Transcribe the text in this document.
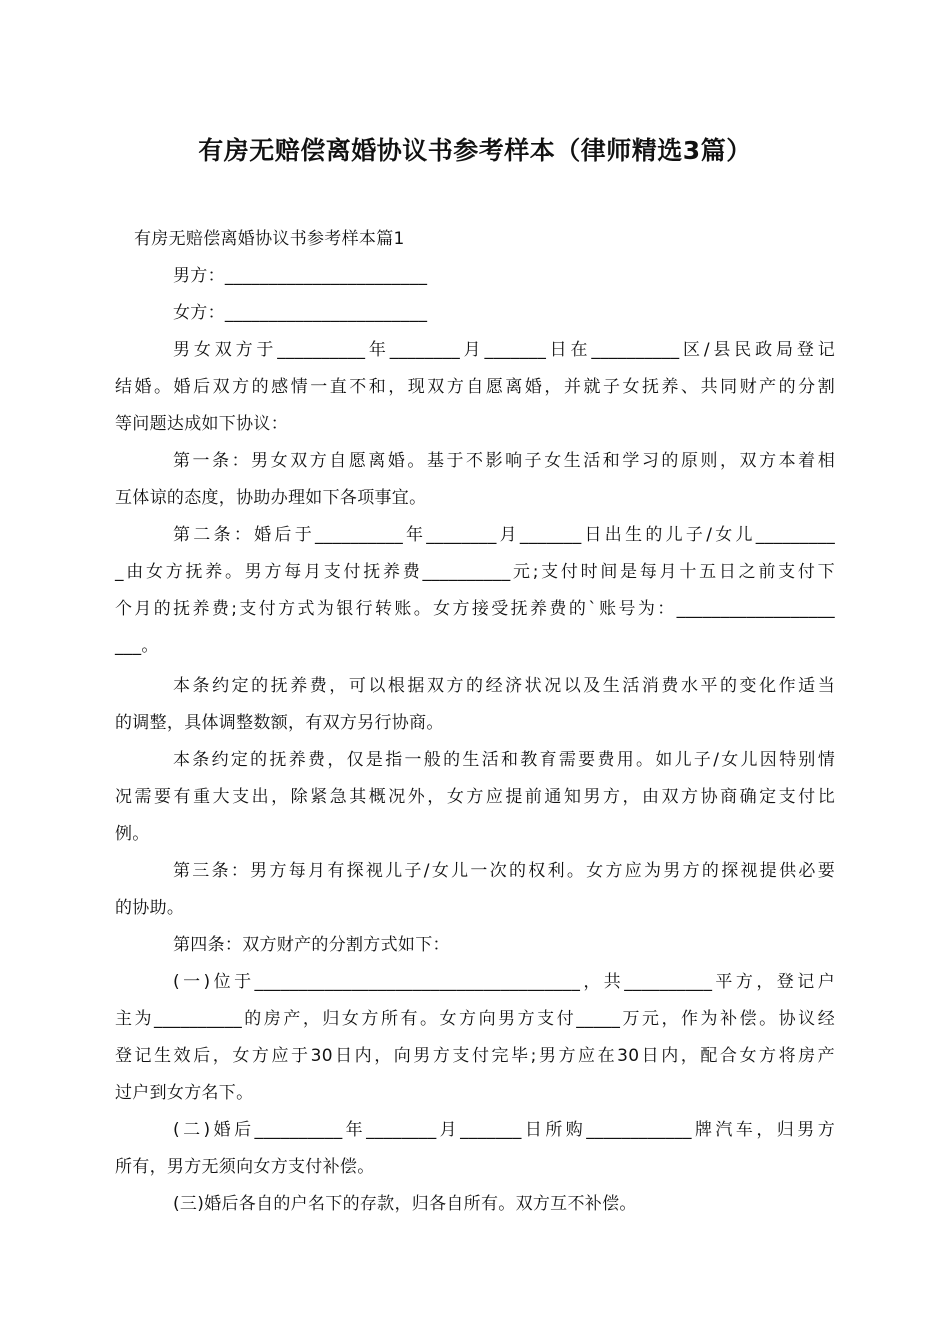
有房无赔偿离婚协议书参考样本（律师精选3篇）
有房无赔偿离婚协议书参考样本篇1
男方：_______________________
女方：_______________________
男女双方于__________年________月_______日在__________区/县民政局登记
结婚。婚后双方的感情一直不和，现双方自愿离婚，并就子女抚养、共同财产的分割
等问题达成如下协议：
第一条：男女双方自愿离婚。基于不影响子女生活和学习的原则，双方本着相
互体谅的态度，协助办理如下各项事宜。
第二条：婚后于__________年________月_______日出生的儿子/女儿_________
_由女方抚养。男方每月支付抚养费__________元;支付时间是每月十五日之前支付下
个月的抚养费;支付方式为银行转账。女方接受抚养费的`账号为：__________________
___。
本条约定的抚养费，可以根据双方的经济状况以及生活消费水平的变化作适当
的调整，具体调整数额，有双方另行协商。
本条约定的抚养费，仅是指一般的生活和教育需要费用。如儿子/女儿因特别情
况需要有重大支出，除紧急其概况外，女方应提前通知男方，由双方协商确定支付比
例。
第三条：男方每月有探视儿子/女儿一次的权利。女方应为男方的探视提供必要
的协助。
第四条：双方财产的分割方式如下：
(一)位于_____________________________________，共__________平方，登记户
主为__________的房产，归女方所有。女方向男方支付_____万元，作为补偿。协议经
登记生效后，女方应于30日内，向男方支付完毕;男方应在30日内，配合女方将房产
过户到女方名下。
(二)婚后__________年________月_______日所购____________牌汽车，归男方
所有，男方无须向女方支付补偿。
(三)婚后各自的户名下的存款，归各自所有。双方互不补偿。
